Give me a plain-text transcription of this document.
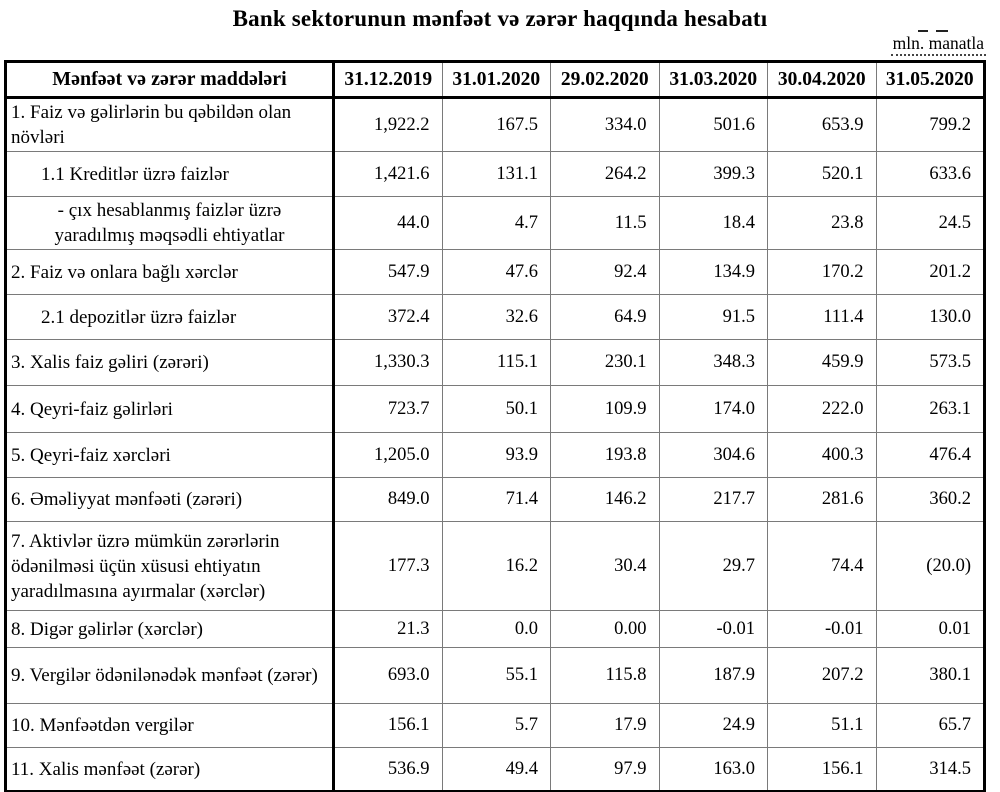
Bank sektorunun mənfəət və zərər haqqında hesabatı
mln. manatla
Mənfəət və zərər maddələri	31.12.2019	31.01.2020	29.02.2020	31.03.2020	30.04.2020	31.05.2020
1. Faiz və gəlirlərin bu qəbildən olan növləri	1,922.2	167.5	334.0	501.6	653.9	799.2
1.1 Kreditlər üzrə faizlər	1,421.6	131.1	264.2	399.3	520.1	633.6
- çıx hesablanmış faizlər üzrə yaradılmış məqsədli ehtiyatlar	44.0	4.7	11.5	18.4	23.8	24.5
2. Faiz və onlara bağlı xərclər	547.9	47.6	92.4	134.9	170.2	201.2
2.1 depozitlər üzrə faizlər	372.4	32.6	64.9	91.5	111.4	130.0
3. Xalis faiz gəliri (zərəri)	1,330.3	115.1	230.1	348.3	459.9	573.5
4. Qeyri-faiz gəlirləri	723.7	50.1	109.9	174.0	222.0	263.1
5. Qeyri-faiz xərcləri	1,205.0	93.9	193.8	304.6	400.3	476.4
6. Əməliyyat mənfəəti (zərəri)	849.0	71.4	146.2	217.7	281.6	360.2
7. Aktivlər üzrə mümkün zərərlərin ödənilməsi üçün xüsusi ehtiyatın yaradılmasına ayırmalar (xərclər)	177.3	16.2	30.4	29.7	74.4	(20.0)
8. Digər gəlirlər (xərclər)	21.3	0.0	0.00	-0.01	-0.01	0.01
9. Vergilər ödənilənədək mənfəət (zərər)	693.0	55.1	115.8	187.9	207.2	380.1
10. Mənfəətdən vergilər	156.1	5.7	17.9	24.9	51.1	65.7
11. Xalis mənfəət (zərər)	536.9	49.4	97.9	163.0	156.1	314.5
